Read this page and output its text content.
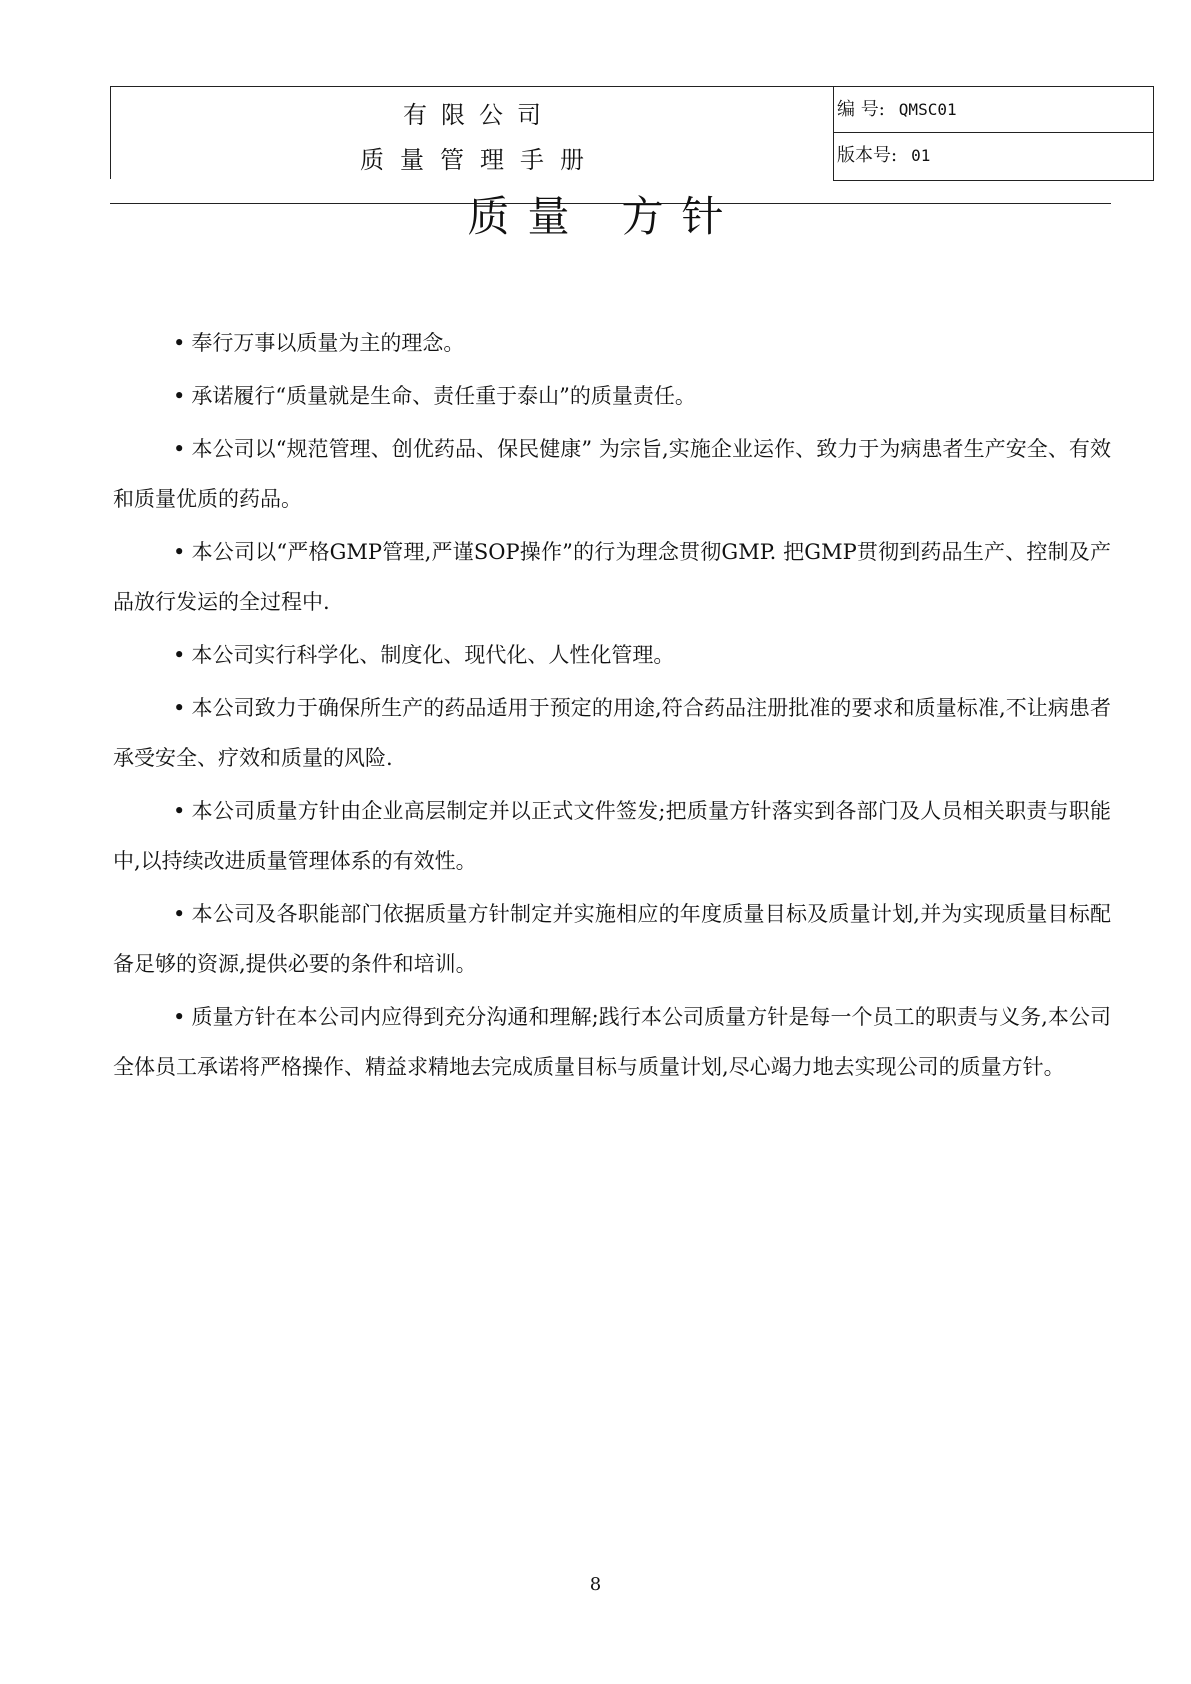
有限公司
质量管理手册
编 号: QMSC01
版本号: 01
质量 方针

• 奉行万事以质量为主的理念。

• 承诺履行“质量就是生命、责任重于泰山”的质量责任。

• 本公司以“规范管理、创优药品、保民健康” 为宗旨,实施企业运作、致力于为病患者生产安全、有效和质量优质的药品。

• 本公司以“严格GMP管理,严谨SOP操作”的行为理念贯彻GMP. 把GMP贯彻到药品生产、控制及产品放行发运的全过程中.

• 本公司实行科学化、制度化、现代化、人性化管理。

• 本公司致力于确保所生产的药品适用于预定的用途,符合药品注册批准的要求和质量标准,不让病患者承受安全、疗效和质量的风险.

• 本公司质量方针由企业高层制定并以正式文件签发;把质量方针落实到各部门及人员相关职责与职能中,以持续改进质量管理体系的有效性。

• 本公司及各职能部门依据质量方针制定并实施相应的年度质量目标及质量计划,并为实现质量目标配备足够的资源,提供必要的条件和培训。

• 质量方针在本公司内应得到充分沟通和理解;践行本公司质量方针是每一个员工的职责与义务,本公司全体员工承诺将严格操作、精益求精地去完成质量目标与质量计划,尽心竭力地去实现公司的质量方针。

8
